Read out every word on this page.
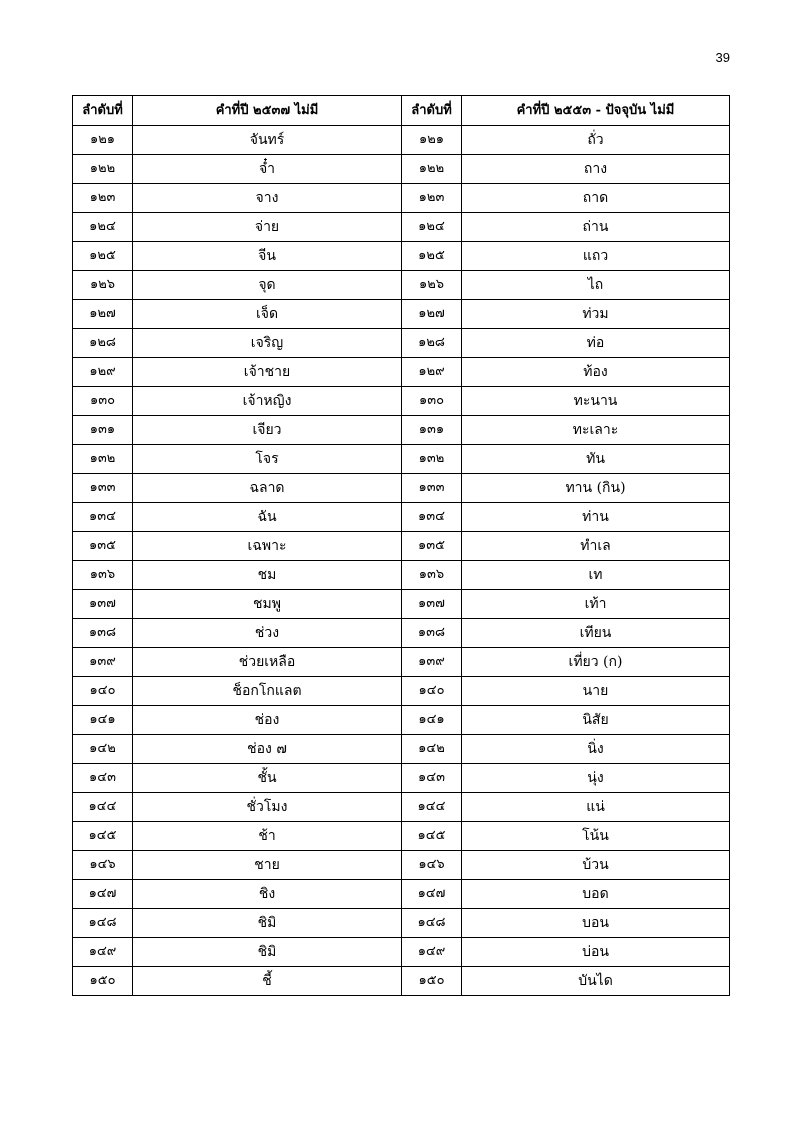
39
ลำดับที่	คำที่ปี ๒๕๓๗ ไม่มี	ลำดับที่	คำที่ปี ๒๕๕๓ - ปัจจุบัน ไม่มี
๑๒๑	จันทร์	๑๒๑	ถั่ว
๑๒๒	จ๋ำ	๑๒๒	ถาง
๑๒๓	จาง	๑๒๓	ถาด
๑๒๔	จ่าย	๑๒๔	ถ่าน
๑๒๕	จีน	๑๒๕	แถว
๑๒๖	จุด	๑๒๖	ไถ
๑๒๗	เจ็ด	๑๒๗	ท่วม
๑๒๘	เจริญ	๑๒๘	ท่อ
๑๒๙	เจ้าชาย	๑๒๙	ท้อง
๑๓๐	เจ้าหญิง	๑๓๐	ทะนาน
๑๓๑	เจียว	๑๓๑	ทะเลาะ
๑๓๒	โจร	๑๓๒	ทัน
๑๓๓	ฉลาด	๑๓๓	ทาน (กิน)
๑๓๔	ฉัน	๑๓๔	ท่าน
๑๓๕	เฉพาะ	๑๓๕	ทำเล
๑๓๖	ชม	๑๓๖	เท
๑๓๗	ชมพู	๑๓๗	เท้า
๑๓๘	ช่วง	๑๓๘	เทียน
๑๓๙	ช่วยเหลือ	๑๓๙	เที่ยว (ก)
๑๔๐	ช็อกโกแลต	๑๔๐	นาย
๑๔๑	ช่อง	๑๔๑	นิสัย
๑๔๒	ช่อง ๗	๑๔๒	นิ่ง
๑๔๓	ชั้น	๑๔๓	นุ่ง
๑๔๔	ชั่วโมง	๑๔๔	แน่
๑๔๕	ช้า	๑๔๕	โน้น
๑๔๖	ชาย	๑๔๖	บ้วน
๑๔๗	ชิง	๑๔๗	บอด
๑๔๘	ชิมิ	๑๔๘	บอน
๑๔๙	ชิมิ	๑๔๙	บ่อน
๑๕๐	ชี้	๑๕๐	บันได
